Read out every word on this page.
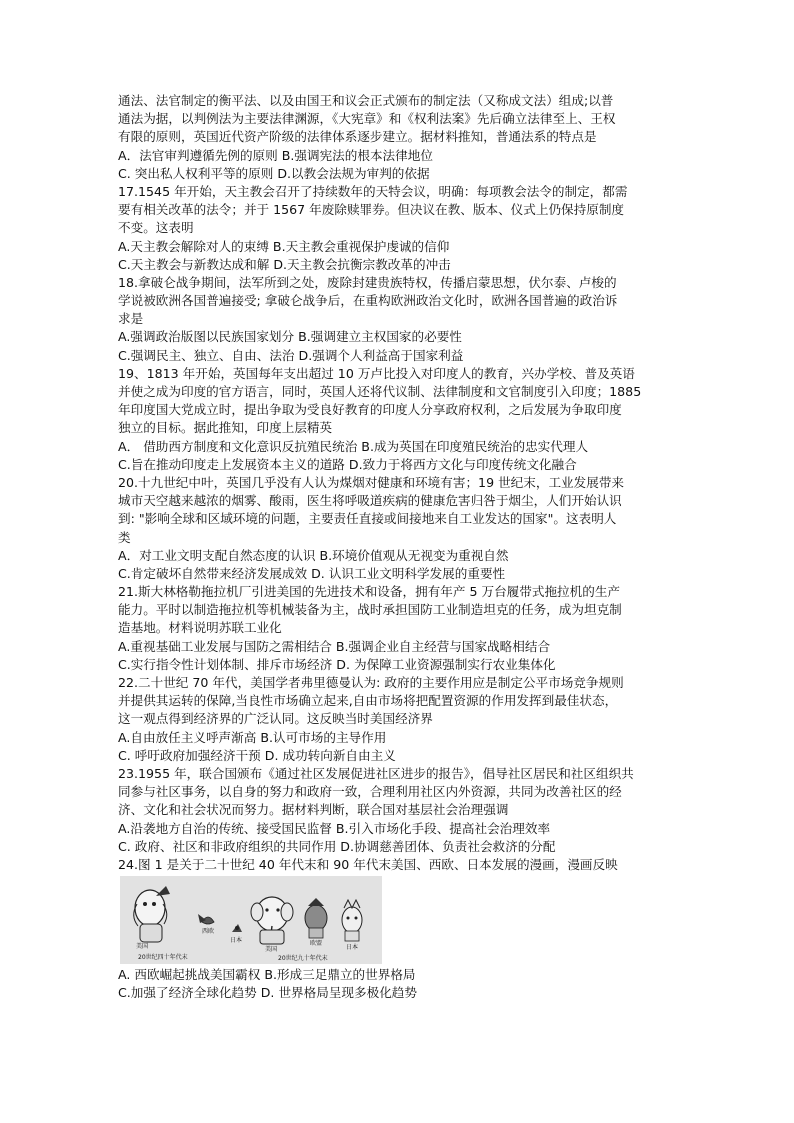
通法、法官制定的衡平法、以及由国王和议会正式颁布的制定法（又称成文法）组成;以普
通法为据，以判例法为主要法律渊源，《大宪章》和《权利法案》先后确立法律至上、王权
有限的原则，英国近代资产阶级的法律体系逐步建立。据材料推知，普通法系的特点是
A．法官审判遵循先例的原则 B.强调宪法的根本法律地位
C. 突出私人权利平等的原则 D.以教会法规为审判的依据
17.1545 年开始，天主教会召开了持续数年的天特会议，明确：每项教会法令的制定，都需
要有相关改革的法令；并于 1567 年废除赎罪券。但决议在教、版本、仪式上仍保持原制度
不变。这表明
A.天主教会解除对人的束缚 B.天主教会重视保护虔诚的信仰
C.天主教会与新教达成和解 D.天主教会抗衡宗教改革的冲击
18.拿破仑战争期间，法军所到之处，废除封建贵族特权，传播启蒙思想，伏尔泰、卢梭的
学说被欧洲各国普遍接受; 拿破仑战争后，在重构欧洲政治文化时，欧洲各国普遍的政治诉
求是
A.强调政治版图以民族国家划分 B.强调建立主权国家的必要性
C.强调民主、独立、自由、法治 D.强调个人利益高于国家利益
19、1813 年开始，英国每年支出超过 10 万卢比投入对印度人的教育，兴办学校、普及英语
并使之成为印度的官方语言，同时，英国人还将代议制、法律制度和文官制度引入印度；1885
年印度国大党成立时，提出争取为受良好教育的印度人分享政府权利，之后发展为争取印度
独立的目标。据此推知，印度上层精英
A． 借助西方制度和文化意识反抗殖民统治 B.成为英国在印度殖民统治的忠实代理人
C.旨在推动印度走上发展资本主义的道路 D.致力于将西方文化与印度传统文化融合
20.十九世纪中叶，英国几乎没有人认为煤烟对健康和环境有害；19 世纪末，工业发展带来
城市天空越来越浓的烟雾、酸雨，医生将呼吸道疾病的健康危害归咎于烟尘，人们开始认识
到: "影响全球和区域环境的问题，主要责任直接或间接地来自工业发达的国家"。这表明人
类
A．对工业文明支配自然态度的认识 B.环境价值观从无视变为重视自然
C.肯定破坏自然带来经济发展成效 D. 认识工业文明科学发展的重要性
21.斯大林格勒拖拉机厂引进美国的先进技术和设备，拥有年产 5 万台履带式拖拉机的生产
能力。平时以制造拖拉机等机械装备为主，战时承担国防工业制造坦克的任务，成为坦克制
造基地。材料说明苏联工业化
A.重视基础工业发展与国防之需相结合 B.强调企业自主经营与国家战略相结合
C.实行指令性计划体制、排斥市场经济 D. 为保障工业资源强制实行农业集体化
22.二十世纪 70 年代，美国学者弗里德曼认为: 政府的主要作用应是制定公平市场竞争规则
并提供其运转的保障,当良性市场确立起来,自由市场将把配置资源的作用发挥到最佳状态，
这一观点得到经济界的广泛认同。这反映当时美国经济界
A.自由放任主义呼声渐高 B.认可市场的主导作用
C. 呼吁政府加强经济干预 D. 成功转向新自由主义
23.1955 年，联合国颁布《通过社区发展促进社区进步的报告》，倡导社区居民和社区组织共
同参与社区事务，以自身的努力和政府一致，合理利用社区内外资源，共同为改善社区的经
济、文化和社会状况而努力。据材料判断，联合国对基层社会治理强调
A.沿袭地方自治的传统、接受国民监督 B.引入市场化手段、提高社会治理效率
C. 政府、社区和非政府组织的共同作用 D.协调慈善团体、负责社会救济的分配
24.图 1 是关于二十世纪 40 年代末和 90 年代末美国、西欧、日本发展的漫画，漫画反映
美国
西欧
日本
20世纪四十年代末
美国
欧盟
日本
20世纪九十年代末
A. 西欧崛起挑战美国霸权 B.形成三足鼎立的世界格局
C.加强了经济全球化趋势 D. 世界格局呈现多极化趋势
